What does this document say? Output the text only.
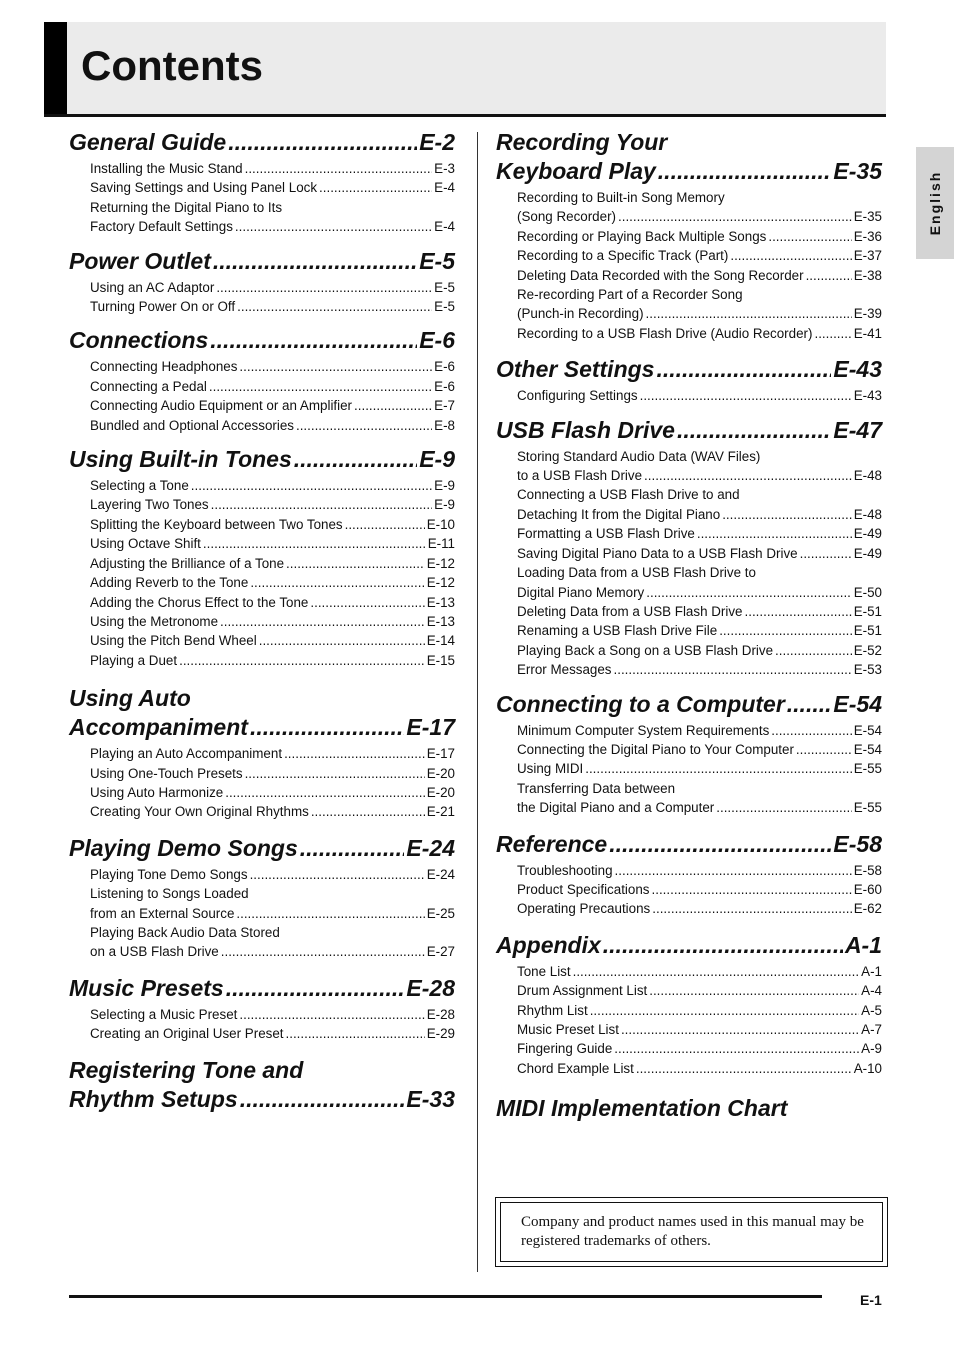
Contents
English
General Guide .....	E-2
Installing the Music Stand .....	E-3
Saving Settings and Using Panel Lock .....	E-4
Returning the Digital Piano to Its
Factory Default Settings .....	E-4
Power Outlet .....	E-5
Using an AC Adaptor .....	E-5
Turning Power On or Off .....	E-5
Connections .....	E-6
Connecting Headphones .....	E-6
Connecting a Pedal .....	E-6
Connecting Audio Equipment or an Amplifier .....	E-7
Bundled and Optional Accessories .....	E-8
Using Built-in Tones .....	E-9
Selecting a Tone .....	E-9
Layering Two Tones .....	E-9
Splitting the Keyboard between Two Tones .....	E-10
Using Octave Shift .....	E-11
Adjusting the Brilliance of a Tone .....	E-12
Adding Reverb to the Tone .....	E-12
Adding the Chorus Effect to the Tone .....	E-13
Using the Metronome .....	E-13
Using the Pitch Bend Wheel .....	E-14
Playing a Duet .....	E-15
Using Auto
Accompaniment .....	E-17
Playing an Auto Accompaniment .....	E-17
Using One-Touch Presets .....	E-20
Using Auto Harmonize .....	E-20
Creating Your Own Original Rhythms .....	E-21
Playing Demo Songs .....	E-24
Playing Tone Demo Songs .....	E-24
Listening to Songs Loaded
from an External Source .....	E-25
Playing Back Audio Data Stored
on a USB Flash Drive .....	E-27
Music Presets .....	E-28
Selecting a Music Preset .....	E-28
Creating an Original User Preset .....	E-29
Registering Tone and
Rhythm Setups .....	E-33
Recording Your
Keyboard Play .....	E-35
Recording to Built-in Song Memory
(Song Recorder) .....	E-35
Recording or Playing Back Multiple Songs .....	E-36
Recording to a Specific Track (Part) .....	E-37
Deleting Data Recorded with the Song Recorder .....	E-38
Re-recording Part of a Recorder Song
(Punch-in Recording) .....	E-39
Recording to a USB Flash Drive (Audio Recorder) .....	E-41
Other Settings .....	E-43
Configuring Settings .....	E-43
USB Flash Drive .....	E-47
Storing Standard Audio Data (WAV Files)
to a USB Flash Drive .....	E-48
Connecting a USB Flash Drive to and
Detaching It from the Digital Piano .....	E-48
Formatting a USB Flash Drive .....	E-49
Saving Digital Piano Data to a USB Flash Drive .....	E-49
Loading Data from a USB Flash Drive to
Digital Piano Memory .....	E-50
Deleting Data from a USB Flash Drive .....	E-51
Renaming a USB Flash Drive File .....	E-51
Playing Back a Song on a USB Flash Drive .....	E-52
Error Messages .....	E-53
Connecting to a Computer ..... E-54
Minimum Computer System Requirements .....	E-54
Connecting the Digital Piano to Your Computer .....	E-54
Using MIDI .....	E-55
Transferring Data between
the Digital Piano and a Computer .....	E-55
Reference .....	E-58
Troubleshooting .....	E-58
Product Specifications .....	E-60
Operating Precautions .....	E-62
Appendix .....	A-1
Tone List .....	A-1
Drum Assignment List .....	A-4
Rhythm List .....	A-5
Music Preset List .....	A-7
Fingering Guide .....	A-9
Chord Example List .....	A-10
MIDI Implementation Chart
Company and product names used in this manual may be registered trademarks of others.
E-1
